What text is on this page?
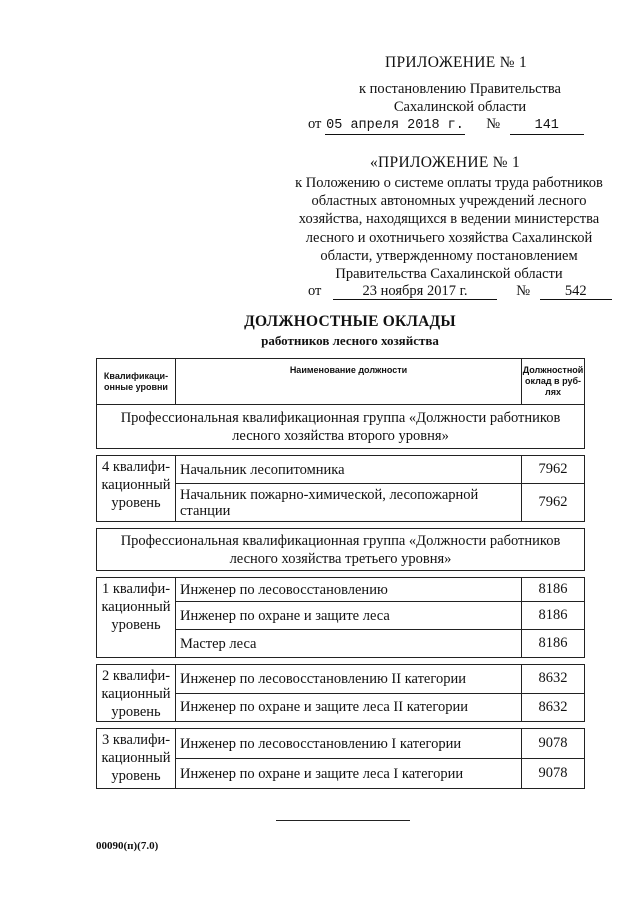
ПРИЛОЖЕНИЕ № 1
к постановлению Правительства
Сахалинской области
от 05 апреля 2018 г. №	141
«ПРИЛОЖЕНИЕ № 1
к Положению о системе оплаты труда работников областных автономных учреждений лесного хозяйства, находящихся в ведении министерства лесного и охотничьего хозяйства Сахалинской области, утвержденному постановлением Правительства Сахалинской области
от	23 ноября 2017 г.	№ 542
ДОЛЖНОСТНЫЕ ОКЛАДЫ
работников лесного хозяйства
Квалификаци-онные уровни	Наименование должности	Должностной оклад в руб-лях
Профессиональная квалификационная группа «Должности работников лесного хозяйства второго уровня»		

4 квалифи-кационный уровень	Начальник лесопитомника	7962
	Начальник пожарно-химической, лесопожарной станции	7962

Профессиональная квалификационная группа «Должности работников лесного хозяйства третьего уровня»		

1 квалифи-кационный уровень	Инженер по лесовосстановлению	8186
	Инженер по охране и защите леса	8186
	Мастер леса	8186

2 квалифи-кационный уровень	Инженер по лесовосстановлению II категории	8632
	Инженер по охране и защите леса II категории	8632

3 квалифи-кационный уровень	Инженер по лесовосстановлению I категории	9078
	Инженер по охране и защите леса I категории	9078
00090(п)(7.0)
